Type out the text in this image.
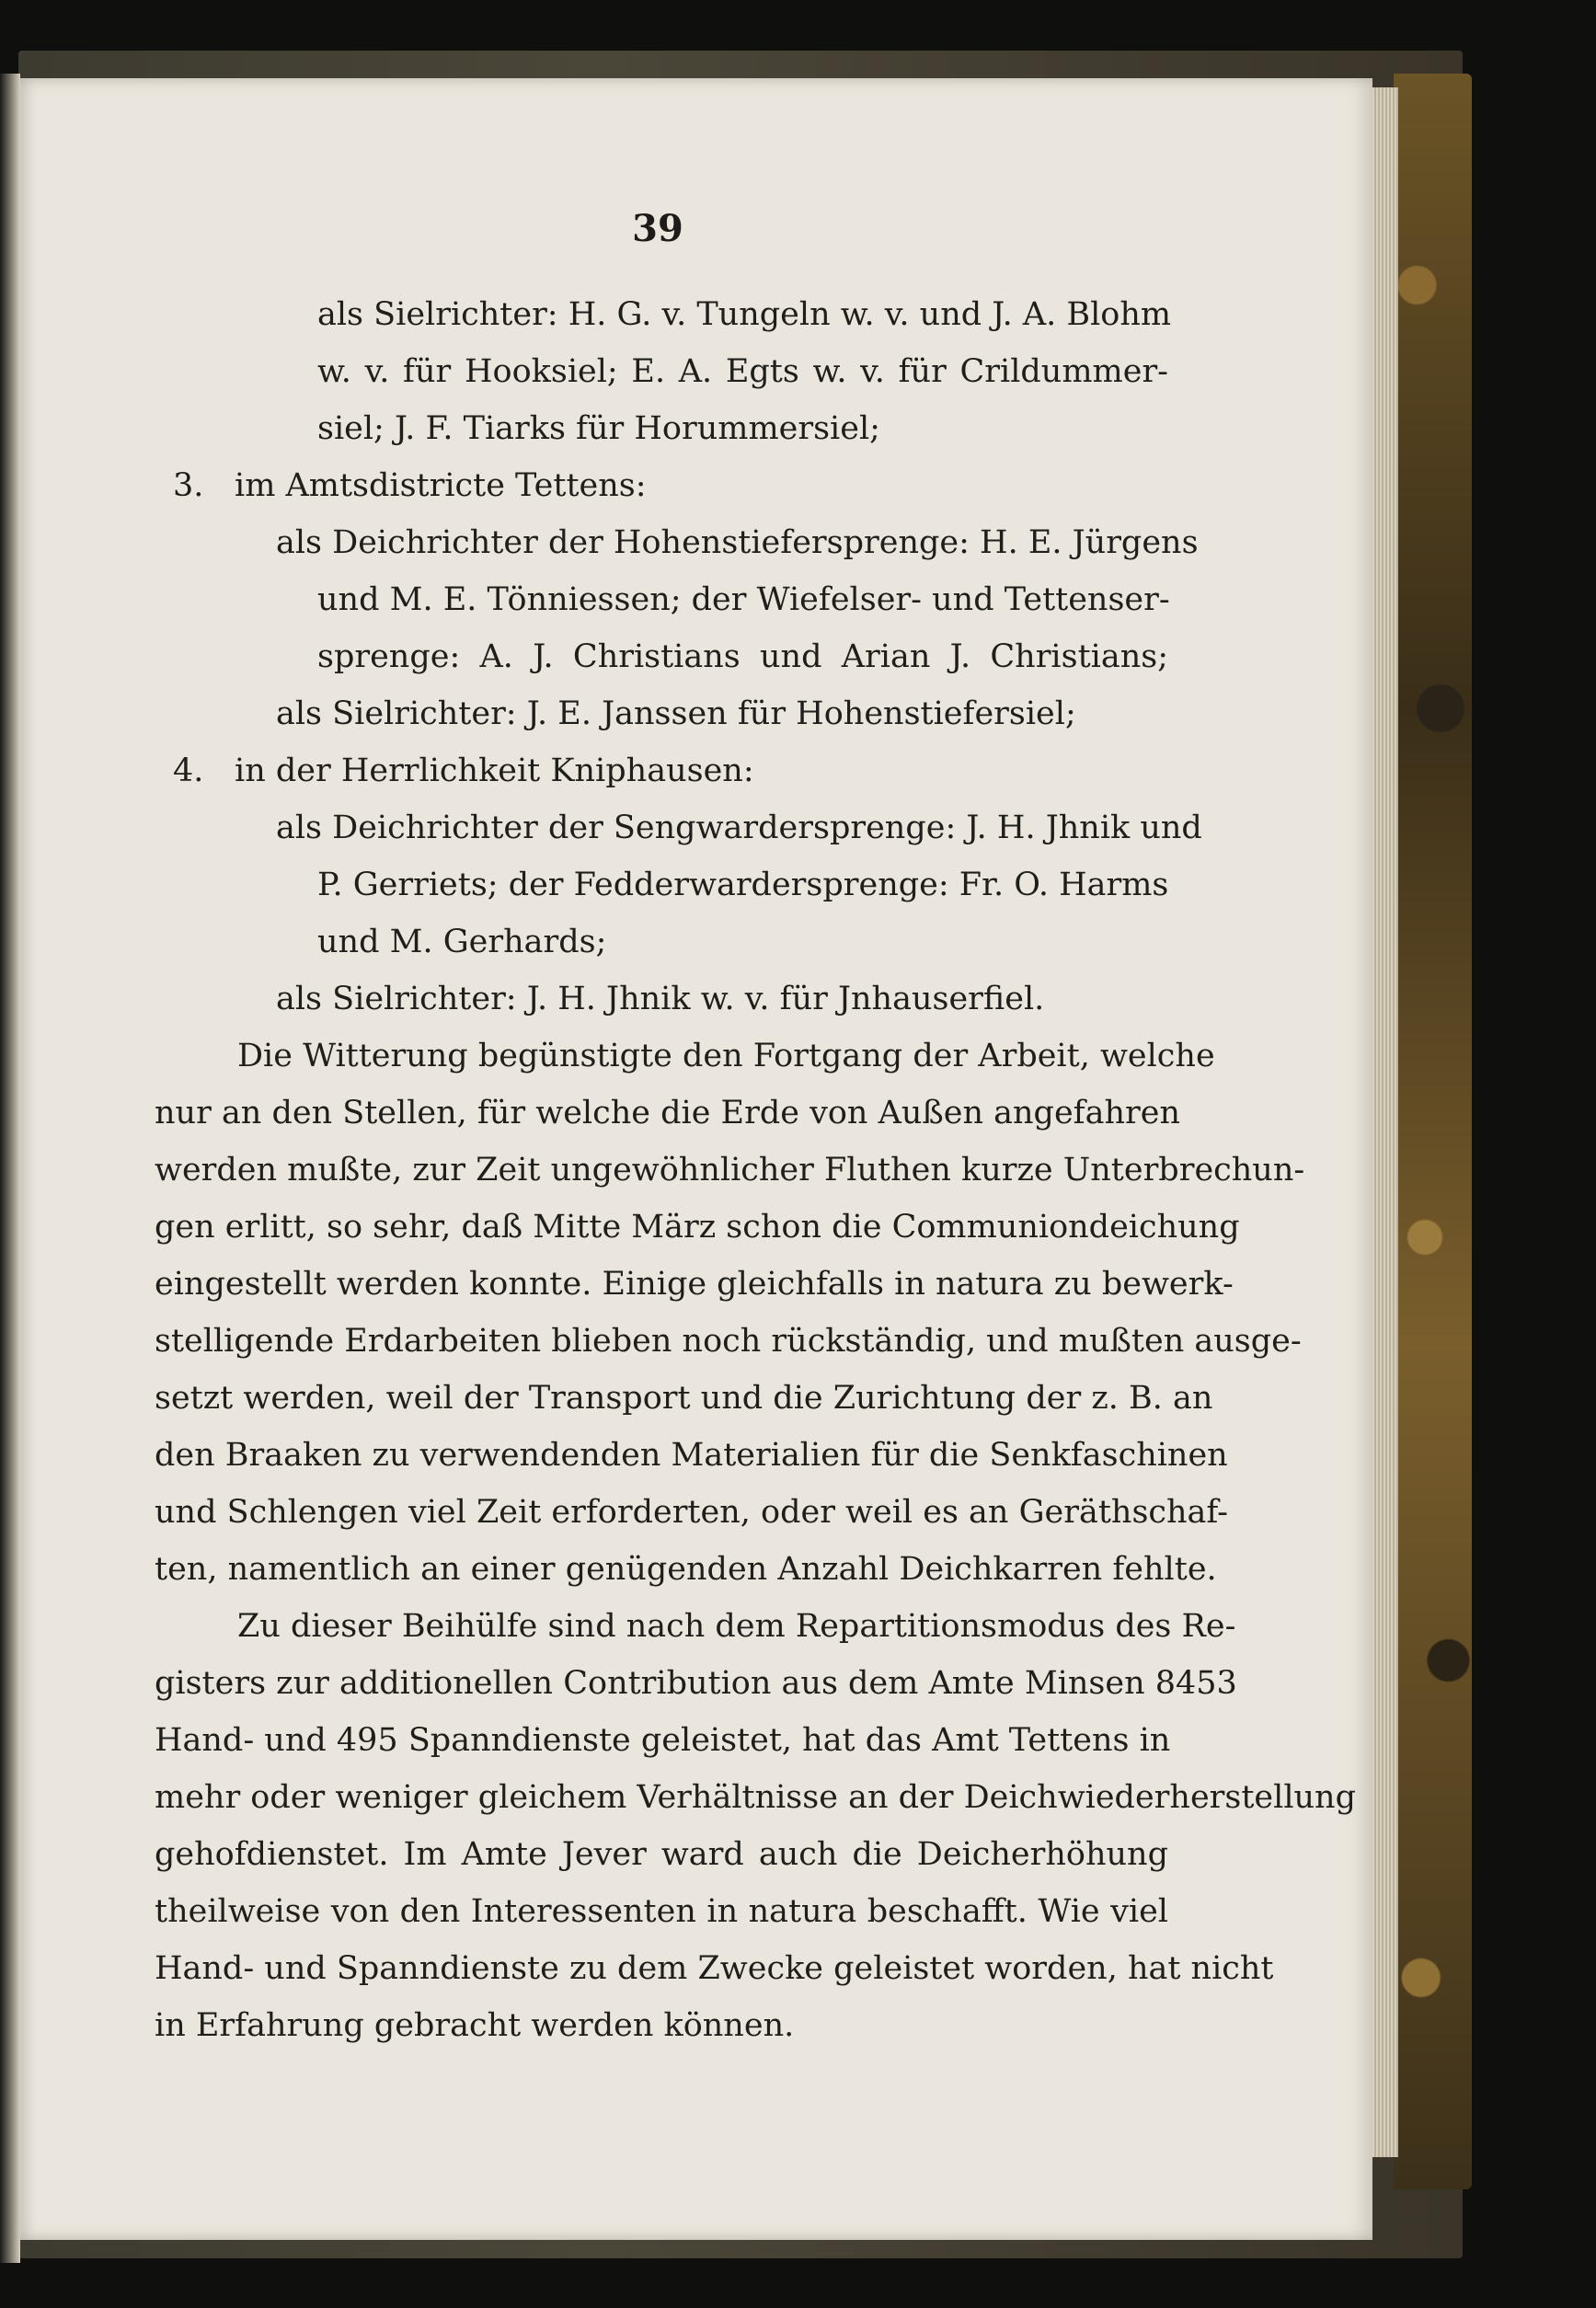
39
als Sielrichter: H. G. v. Tungeln w. v. und J. A. Blohm
w. v. für Hooksiel; E. A. Egts w. v. für Crildummer-
siel; J. F. Tiarks für Horummersiel;
3. im Amtsdistricte Tettens:
als Deichrichter der Hohenstiefersprenge: H. E. Jürgens
und M. E. Tönniessen; der Wiefelser- und Tettenser-
sprenge: A. J. Christians und Arian J. Christians;
als Sielrichter: J. E. Janssen für Hohenstiefersiel;
4. in der Herrlichkeit Kniphausen:
als Deichrichter der Sengwardersprenge: J. H. Jhnik und
P. Gerriets; der Fedderwardersprenge: Fr. O. Harms
und M. Gerhards;
als Sielrichter: J. H. Jhnik w. v. für Jnhauserfiel.
Die Witterung begünstigte den Fortgang der Arbeit, welche
nur an den Stellen, für welche die Erde von Außen angefahren
werden mußte, zur Zeit ungewöhnlicher Fluthen kurze Unterbrechun-
gen erlitt, so sehr, daß Mitte März schon die Communiondeichung
eingestellt werden konnte. Einige gleichfalls in natura zu bewerk-
stelligende Erdarbeiten blieben noch rückständig, und mußten ausge-
setzt werden, weil der Transport und die Zurichtung der z. B. an
den Braaken zu verwendenden Materialien für die Senkfaschinen
und Schlengen viel Zeit erforderten, oder weil es an Geräthschaf-
ten, namentlich an einer genügenden Anzahl Deichkarren fehlte.
Zu dieser Beihülfe sind nach dem Repartitionsmodus des Re-
gisters zur additionellen Contribution aus dem Amte Minsen 8453
Hand- und 495 Spanndienste geleistet, hat das Amt Tettens in
mehr oder weniger gleichem Verhältnisse an der Deichwiederherstellung
gehofdienstet. Im Amte Jever ward auch die Deicherhöhung
theilweise von den Interessenten in natura beschafft. Wie viel
Hand- und Spanndienste zu dem Zwecke geleistet worden, hat nicht
in Erfahrung gebracht werden können.
